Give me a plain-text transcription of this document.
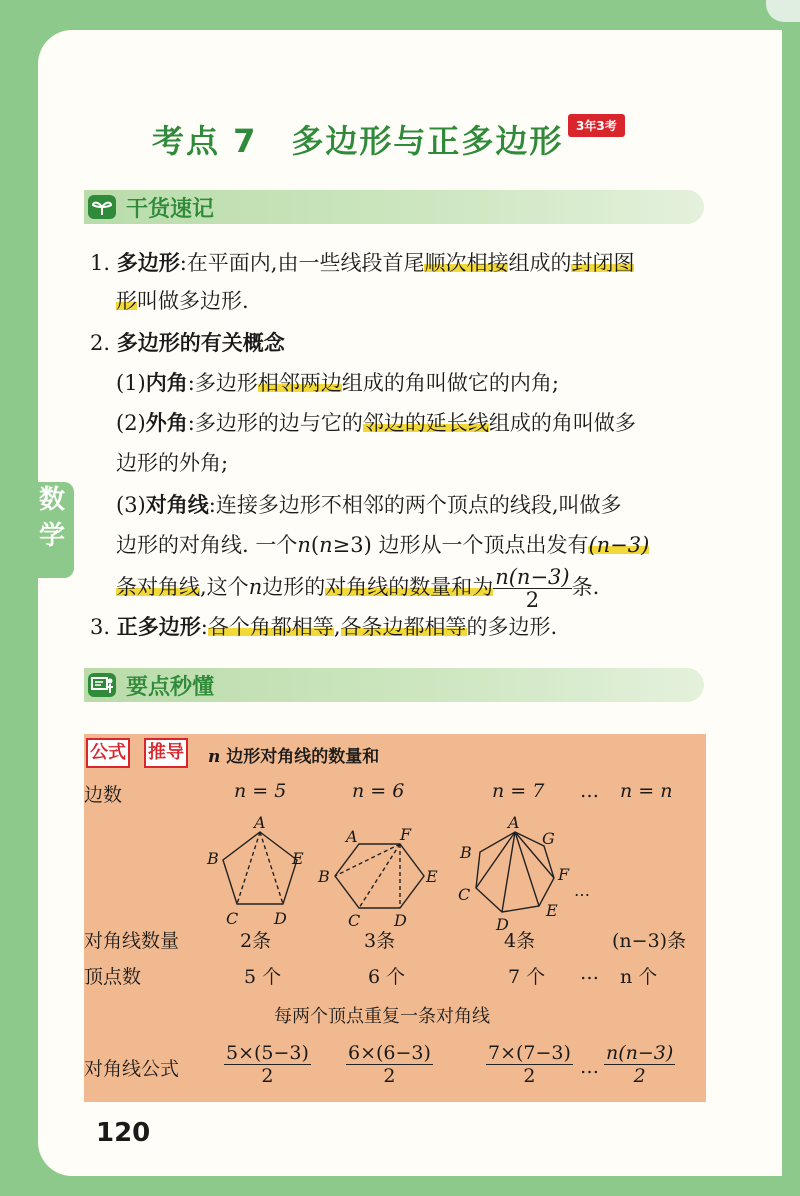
数
学
考点 7 多边形与正多边形	3年3考
干货速记
1. 多边形:在平面内,由一些线段首尾顺次相接组成的封闭图
形叫做多边形.
2. 多边形的有关概念
(1)内角:多边形相邻两边组成的角叫做它的内角;
(2)外角:多边形的边与它的邻边的延长线组成的角叫做多
边形的外角;
(3)对角线:连接多边形不相邻的两个顶点的线段,叫做多
边形的对角线. 一个n(n≥3) 边形从一个顶点出发有(n−3)
条对角线,这个n边形的对角线的数量和为 $\frac{n(n-3)}{2}$ 条.
3. 正多边形:各个角都相等,各条边都相等的多边形.
要点秒懂
公式 推导 n 边形对角线的数量和
边数	n = 5	n = 6	n = 7 … n = n
A
B
C D
E
A	F
B	E
C D
A
G
B
F
C
E
D
…
对角线数量	2条	3条	4条	(n−3)条
顶点数	5 个	6 个	7 个 … n 个
每两个顶点重复一条对角线
对角线公式 $\frac{5\times(5-3)}{2} \frac{6\times(6-3)}{2}$	$\frac{7\times(7-3)}{2}$ … $\frac{n(n-3)}{2}$
120
